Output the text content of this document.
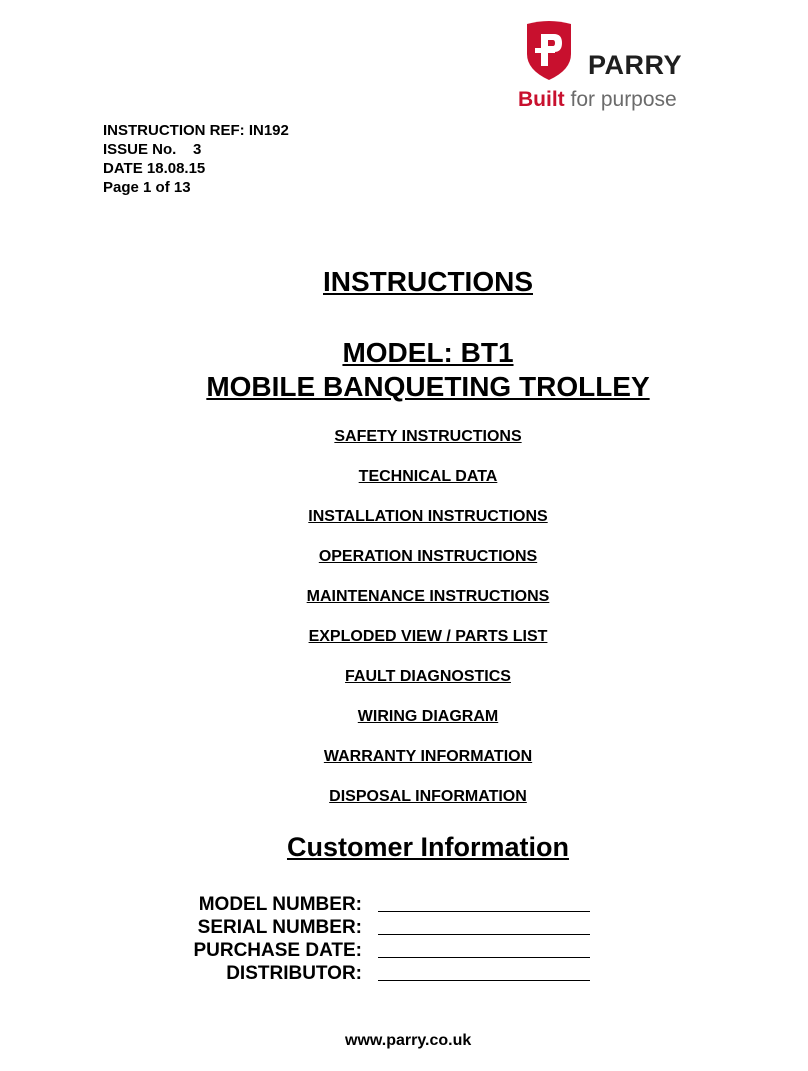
PARRY
Built for purpose
INSTRUCTION REF: IN192
ISSUE No.    3
DATE 18.08.15
Page 1 of 13
INSTRUCTIONS
MODEL: BT1
MOBILE BANQUETING TROLLEY
SAFETY INSTRUCTIONS
TECHNICAL DATA
INSTALLATION INSTRUCTIONS
OPERATION INSTRUCTIONS
MAINTENANCE INSTRUCTIONS
EXPLODED VIEW / PARTS LIST
FAULT DIAGNOSTICS
WIRING DIAGRAM
WARRANTY INFORMATION
DISPOSAL INFORMATION
Customer Information
MODEL NUMBER:
SERIAL NUMBER:
PURCHASE DATE:
DISTRIBUTOR:
www.parry.co.uk
